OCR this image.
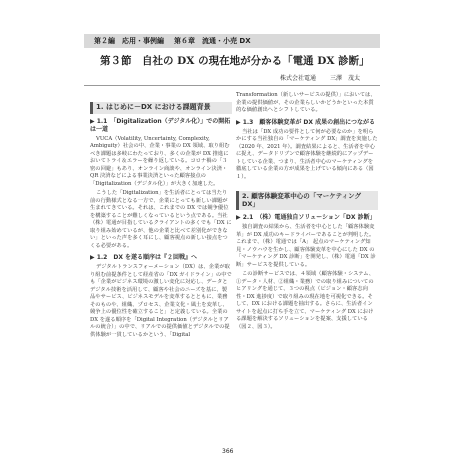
第２編　応用・事例編 第６章　流通・小売 DX
第３節　自社の DX の現在地が分かる「電通 DX 診断」
株式会社電通 三澤　茂太
1. はじめに－DX における課題背景
▶ 1.1　「Digitalization（デジタル化）」での開拓は一道

VUCA（Volatility, Uncertainty, Complexity, Ambiguity）社会の中、企業・事業の DX 領域、取り組むべき課題は多岐にわたっており、多くの企業が DX 推進においてトライ＆エラーを繰り返している。コロナ禍の「３密の回避」もあり、オンライン商談や、オンライン決済・QR 決済などによる事業決済といった顧客接点の「Digitalization（デジタル化）」が大きく加速した。

こうした「Digitalization」を生活者にとっては当たり前の行動様式となる一方で、企業にとっても新しい課題が生まれてきている。それは、これまでの DX では競争優位を構築することが難しくなっているという点である。当社（株）電通が目指しているクライアントの多くでも「DX に取り組み始めているが、他の企業と比べて差別化ができない」といった声を多く耳にし、顧客視点の新しい接点をつくる必要がある。

▶ 1.2　DX を遂る順序は『２回戦』へ

デジタルトランスフォーメーション（DX）は、企業が取り組む前提条件として経産省の「DX ガイドライン」の中でも「企業がビジネス環境の激しい変化に対応し、データとデジタル技術を活用して、顧客や社会のニーズを基に、製品やサービス、ビジネスモデルを変革するとともに、業務そのものや、組織、プロセス、企業文化・風土を変革し、競争上の優位性を確立すること」と定義している。全業の DX を遂る順序を「Digital Integration（デジタルとリアルの統合）」の中で、リアルでの提供価値とデジタルでの提供体験が一貫しているかという、「Digital

Transformation（新しいサービスの提供）」においては、企業の提供価値が、その企業らしいかどうかといった本質的な価値創出へとシフトしている。

▶ 1.3　顧客体験変革が DX 成果の創出につながる

当社は「DX 成功の要件として何が必要なのか」を明らかにする当社独自の「マーケティング DX」調査を実施した（2020 年、2021 年）。調査結果によると、生活者を中心に捉え、データドリブンで顧客体験を継続的にアップデートしている企業、つまり、生活者中心のマーケティングを徹底している企業の方が成果を上げている傾向にある（図１）。

2. 顧客体験変革中心の「マーケティング DX」
▶ 2.1　（株）電通独自ソリューション「DX 診断」

独自調査の結果から、生活者を中心とした「顧客体験変革」が DX 成功のキードライバーであることが判明した。これまで、（株）電通では「A」 起点のマーケティング知見・ノウハウを生かし、顧客体験変革を中心にした DX の「マーケティング DX 診断」を開発し、（株）電通「DX 診断」サービスを提供している。

この診断サービスでは、４領域（顧客体験・システム、①データ・人材、②組織・業務）での取り組みについてのヒアリングを通じて、３つの視点（ビジョン・顧客志向性・DX 進捗度）で取り組みの現在地を可視化できる。そして、DX における課題を抽出する。さらに、生活者インサイトを起点に打ち手を立て、マーケティング DX における課題を解決するソリューションを提案、支援している（図２、図３）。

366
